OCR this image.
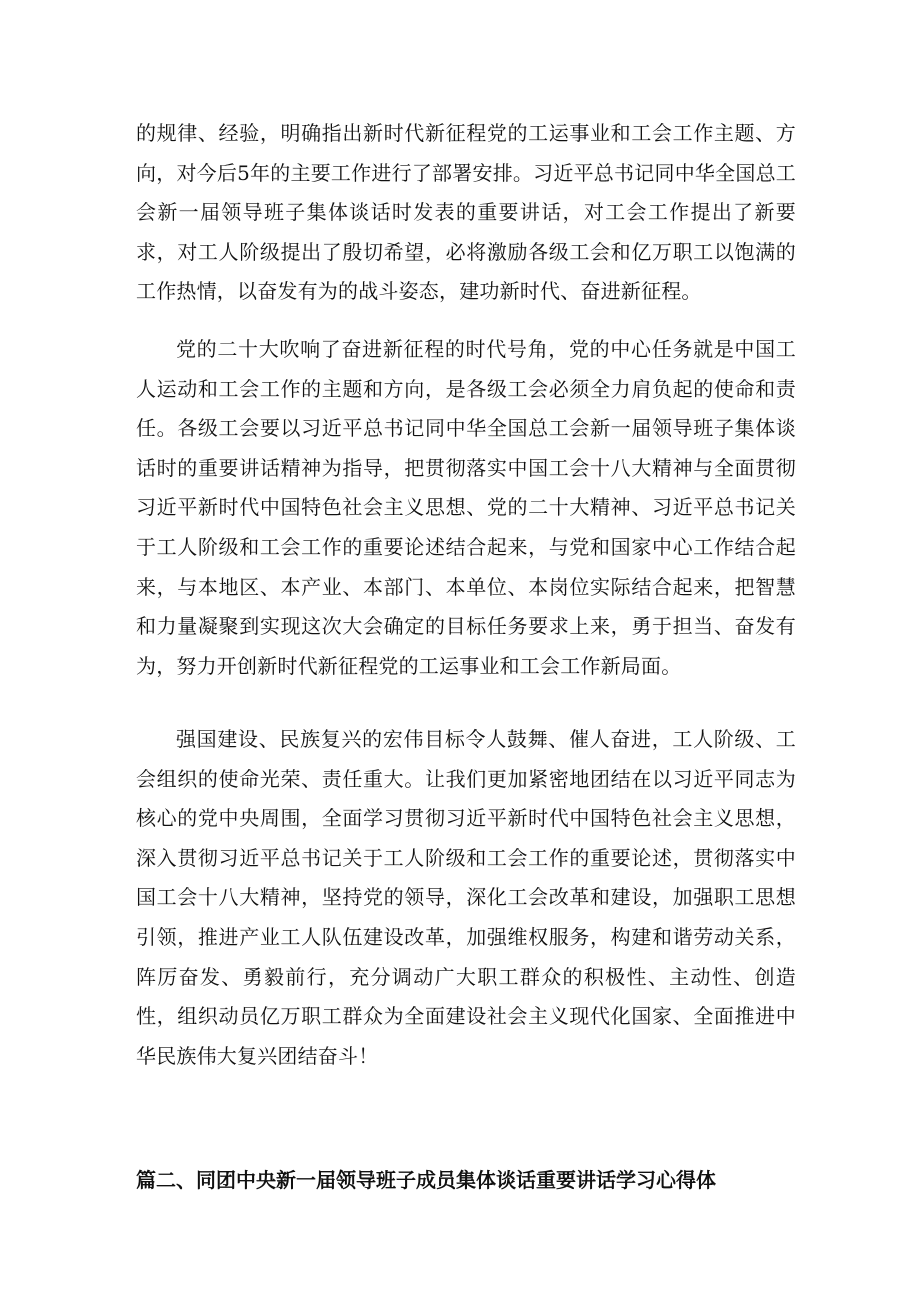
的规律、经验，明确指出新时代新征程党的工运事业和工会工作主题、方向，对今后5年的主要工作进行了部署安排。习近平总书记同中华全国总工会新一届领导班子集体谈话时发表的重要讲话，对工会工作提出了新要求，对工人阶级提出了殷切希望，必将激励各级工会和亿万职工以饱满的工作热情，以奋发有为的战斗姿态，建功新时代、奋进新征程。

党的二十大吹响了奋进新征程的时代号角，党的中心任务就是中国工人运动和工会工作的主题和方向，是各级工会必须全力肩负起的使命和责任。各级工会要以习近平总书记同中华全国总工会新一届领导班子集体谈话时的重要讲话精神为指导，把贯彻落实中国工会十八大精神与全面贯彻习近平新时代中国特色社会主义思想、党的二十大精神、习近平总书记关于工人阶级和工会工作的重要论述结合起来，与党和国家中心工作结合起来，与本地区、本产业、本部门、本单位、本岗位实际结合起来，把智慧和力量凝聚到实现这次大会确定的目标任务要求上来，勇于担当、奋发有为，努力开创新时代新征程党的工运事业和工会工作新局面。

强国建设、民族复兴的宏伟目标令人鼓舞、催人奋进，工人阶级、工会组织的使命光荣、责任重大。让我们更加紧密地团结在以习近平同志为核心的党中央周围，全面学习贯彻习近平新时代中国特色社会主义思想，深入贯彻习近平总书记关于工人阶级和工会工作的重要论述，贯彻落实中国工会十八大精神，坚持党的领导，深化工会改革和建设，加强职工思想引领，推进产业工人队伍建设改革，加强维权服务，构建和谐劳动关系，阵厉奋发、勇毅前行，充分调动广大职工群众的积极性、主动性、创造性，组织动员亿万职工群众为全面建设社会主义现代化国家、全面推进中华民族伟大复兴团结奋斗！

篇二、同团中央新一届领导班子成员集体谈话重要讲话学习心得体
